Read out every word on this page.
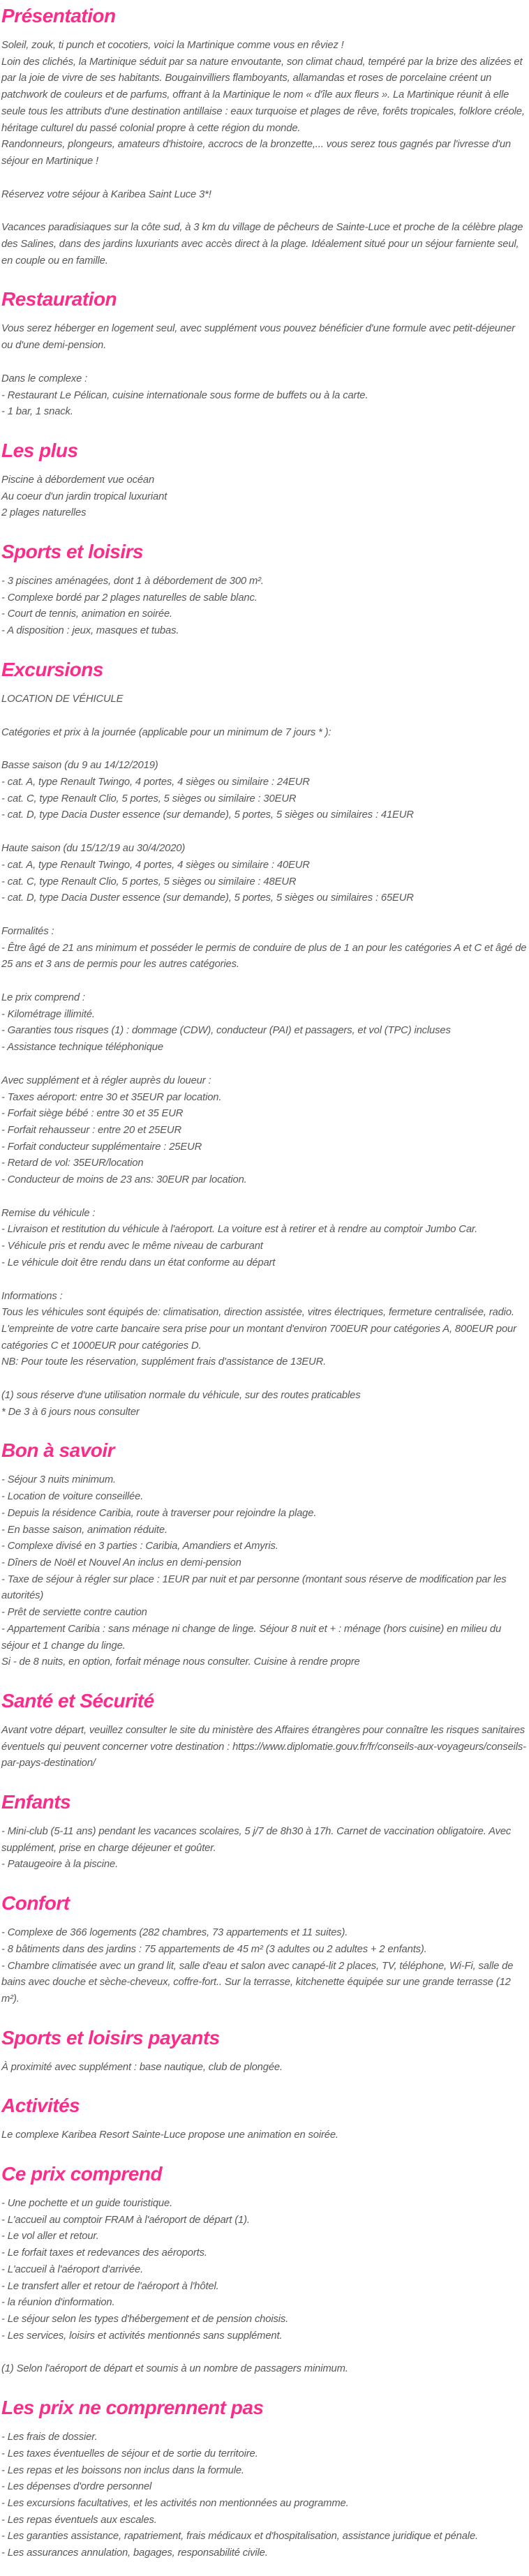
Présentation

Soleil, zouk, ti punch et cocotiers, voici la Martinique comme vous en rêviez !
Loin des clichés, la Martinique séduit par sa nature envoutante, son climat chaud, tempéré par la brize des alizées et par la joie de vivre de ses habitants. Bougainvilliers flamboyants, allamandas et roses de porcelaine créent un patchwork de couleurs et de parfums, offrant à la Martinique le nom « d'île aux fleurs ». La Martinique réunit à elle seule tous les attributs d'une destination antillaise : eaux turquoise et plages de rêve, forêts tropicales, folklore créole, héritage culturel du passé colonial propre à cette région du monde.
Randonneurs, plongeurs, amateurs d'histoire, accrocs de la bronzette,... vous serez tous gagnés par l'ivresse d'un séjour en Martinique !

Réservez votre séjour à Karibea Saint Luce 3*!

Vacances paradisiaques sur la côte sud, à 3 km du village de pêcheurs de Sainte-Luce et proche de la célèbre plage des Salines, dans des jardins luxuriants avec accès direct à la plage. Idéalement situé pour un séjour farniente seul, en couple ou en famille.

Restauration

Vous serez héberger en logement seul, avec supplément vous pouvez bénéficier d'une formule avec petit-déjeuner ou d'une demi-pension.

Dans le complexe :
- Restaurant Le Pélican, cuisine internationale sous forme de buffets ou à la carte.
- 1 bar, 1 snack.

Les plus

Piscine à débordement vue océan
Au coeur d'un jardin tropical luxuriant
2 plages naturelles

Sports et loisirs

- 3 piscines aménagées, dont 1 à débordement de 300 m².
- Complexe bordé par 2 plages naturelles de sable blanc.
- Court de tennis, animation en soirée.
- A disposition : jeux, masques et tubas.

Excursions

LOCATION DE VÉHICULE

Catégories et prix à la journée (applicable pour un minimum de 7 jours * ):

Basse saison (du 9 au 14/12/2019)
- cat. A, type Renault Twingo, 4 portes, 4 sièges ou similaire : 24EUR
- cat. C, type Renault Clio, 5 portes, 5 sièges ou similaire : 30EUR
- cat. D, type Dacia Duster essence (sur demande), 5 portes, 5 sièges ou similaires : 41EUR

Haute saison (du 15/12/19 au 30/4/2020)
- cat. A, type Renault Twingo, 4 portes, 4 sièges ou similaire : 40EUR
- cat. C, type Renault Clio, 5 portes, 5 sièges ou similaire : 48EUR
- cat. D, type Dacia Duster essence (sur demande), 5 portes, 5 sièges ou similaires : 65EUR

Formalités :
- Être âgé de 21 ans minimum et posséder le permis de conduire de plus de 1 an pour les catégories A et C et âgé de 25 ans et 3 ans de permis pour les autres catégories.

Le prix comprend :
- Kilométrage illimité.
- Garanties tous risques (1) : dommage (CDW), conducteur (PAI) et passagers, et vol (TPC) incluses
- Assistance technique téléphonique

Avec supplément et à régler auprès du loueur :
- Taxes aéroport: entre 30 et 35EUR par location.
- Forfait siège bébé : entre 30 et 35 EUR
- Forfait rehausseur : entre 20 et 25EUR
- Forfait conducteur supplémentaire : 25EUR
- Retard de vol: 35EUR/location
- Conducteur de moins de 23 ans: 30EUR par location.

Remise du véhicule :
- Livraison et restitution du véhicule à l'aéroport. La voiture est à retirer et à rendre au comptoir Jumbo Car.
- Véhicule pris et rendu avec le même niveau de carburant
- Le véhicule doit être rendu dans un état conforme au départ

Informations :
Tous les véhicules sont équipés de: climatisation, direction assistée, vitres électriques, fermeture centralisée, radio.
L'empreinte de votre carte bancaire sera prise pour un montant d'environ 700EUR pour catégories A, 800EUR pour catégories C et 1000EUR pour catégories D.
NB: Pour toute les réservation, supplément frais d'assistance de 13EUR.

(1) sous réserve d'une utilisation normale du véhicule, sur des routes praticables
* De 3 à 6 jours nous consulter

Bon à savoir

- Séjour 3 nuits minimum.
- Location de voiture conseillée.
- Depuis la résidence Caribia, route à traverser pour rejoindre la plage.
- En basse saison, animation réduite.
- Complexe divisé en 3 parties : Caribia, Amandiers et Amyris.
- Dîners de Noël et Nouvel An inclus en demi-pension
- Taxe de séjour à régler sur place : 1EUR par nuit et par personne (montant sous réserve de modification par les autorités)
- Prêt de serviette contre caution
- Appartement Caribia : sans ménage ni change de linge. Séjour 8 nuit et + : ménage (hors cuisine) en milieu du séjour et 1 change du linge.
Si - de 8 nuits, en option, forfait ménage nous consulter. Cuisine à rendre propre

Santé et Sécurité

Avant votre départ, veuillez consulter le site du ministère des Affaires étrangères pour connaître les risques sanitaires éventuels qui peuvent concerner votre destination : https://www.diplomatie.gouv.fr/fr/conseils-aux-voyageurs/conseils-par-pays-destination/

Enfants

- Mini-club (5-11 ans) pendant les vacances scolaires, 5 j/7 de 8h30 à 17h. Carnet de vaccination obligatoire. Avec supplément, prise en charge déjeuner et goûter.
- Pataugeoire à la piscine.

Confort

- Complexe de 366 logements (282 chambres, 73 appartements et 11 suites).
- 8 bâtiments dans des jardins : 75 appartements de 45 m² (3 adultes ou 2 adultes + 2 enfants).
- Chambre climatisée avec un grand lit, salle d'eau et salon avec canapé-lit 2 places, TV, téléphone, Wi-Fi, salle de bains avec douche et sèche-cheveux, coffre-fort.. Sur la terrasse, kitchenette équipée sur une grande terrasse (12 m²).

Sports et loisirs payants

À proximité avec supplément : base nautique, club de plongée.

Activités

Le complexe Karibea Resort Sainte-Luce propose une animation en soirée.

Ce prix comprend

- Une pochette et un guide touristique.
- L'accueil au comptoir FRAM à l'aéroport de départ (1).
- Le vol aller et retour.
- Le forfait taxes et redevances des aéroports.
- L'accueil à l'aéroport d'arrivée.
- Le transfert aller et retour de l'aéroport à l'hôtel.
- la réunion d'information.
- Le séjour selon les types d'hébergement et de pension choisis.
- Les services, loisirs et activités mentionnés sans supplément.

(1) Selon l'aéroport de départ et soumis à un nombre de passagers minimum.

Les prix ne comprennent pas

- Les frais de dossier.
- Les taxes éventuelles de séjour et de sortie du territoire.
- Les repas et les boissons non inclus dans la formule.
- Les dépenses d'ordre personnel
- Les excursions facultatives, et les activités non mentionnées au programme.
- Les repas éventuels aux escales.
- Les garanties assistance, rapatriement, frais médicaux et d'hospitalisation, assistance juridique et pénale.
- Les assurances annulation, bagages, responsabilité civile.
